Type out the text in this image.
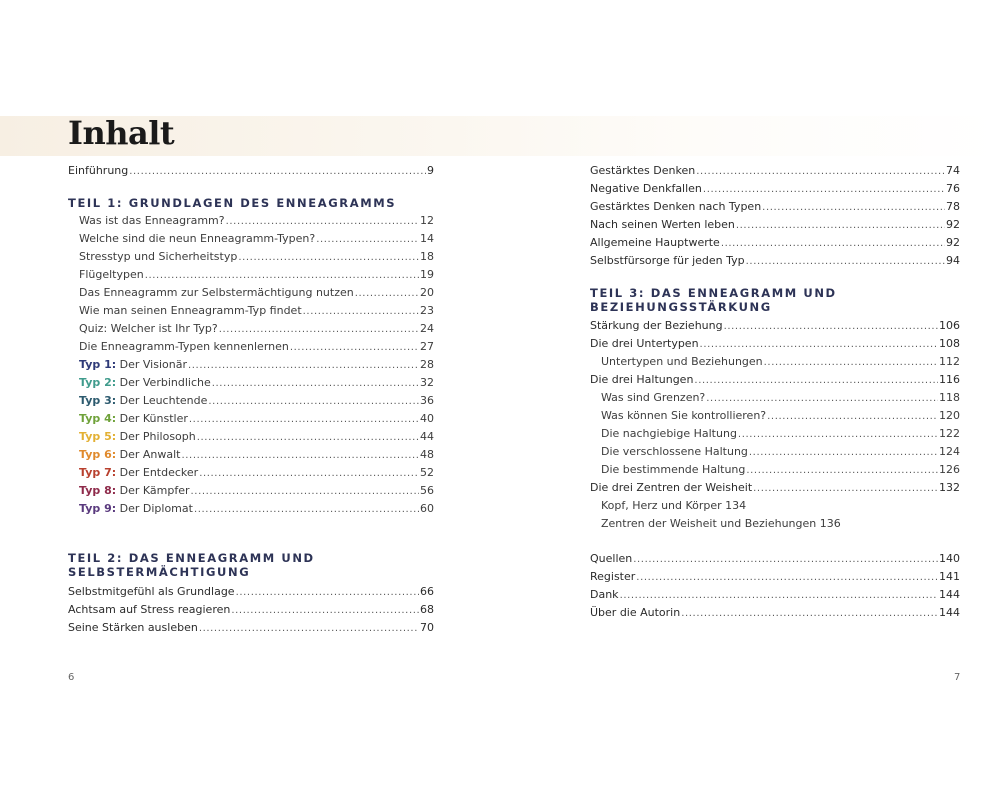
Inhalt
Einführung .....	9
TEIL 1: GRUNDLAGEN DES ENNEAGRAMMS
Was ist das Enneagramm? .....	12
Welche sind die neun Enneagramm-Typen? .....	14
Stresstyp und Sicherheitstyp .....	18
Flügeltypen .....	19
Das Enneagramm zur Selbstermächtigung nutzen .....	20
Wie man seinen Enneagramm-Typ findet .....	23
Quiz: Welcher ist Ihr Typ? .....	24
Die Enneagramm-Typen kennenlernen .....	27
Typ 1: Der Visionär .....	28
Typ 2: Der Verbindliche .....	32
Typ 3: Der Leuchtende .....	36
Typ 4: Der Künstler .....	40
Typ 5: Der Philosoph .....	44
Typ 6: Der Anwalt .....	48
Typ 7: Der Entdecker .....	52
Typ 8: Der Kämpfer .....	56
Typ 9: Der Diplomat .....	60
TEIL 2: DAS ENNEAGRAMM UND
SELBSTERMÄCHTIGUNG
Selbstmitgefühl als Grundlage .....	66
Achtsam auf Stress reagieren .....	68
Seine Stärken ausleben .....	70
Gestärktes Denken .....	74
Negative Denkfallen .....	76
Gestärktes Denken nach Typen .....	78
Nach seinen Werten leben .....	92
Allgemeine Hauptwerte .....	92
Selbstfürsorge für jeden Typ .....	94
TEIL 3: DAS ENNEAGRAMM UND
BEZIEHUNGSSTÄRKUNG
Stärkung der Beziehung .....	106
Die drei Untertypen .....	108
Untertypen und Beziehungen .....	112
Die drei Haltungen .....	116
Was sind Grenzen? .....	118
Was können Sie kontrollieren? .....	120
Die nachgiebige Haltung .....	122
Die verschlossene Haltung .....	124
Die bestimmende Haltung .....	126
Die drei Zentren der Weisheit .....	132
Kopf, Herz und Körper 134
Zentren der Weisheit und Beziehungen 136
Quellen .....	140
Register .....	141
Dank .....	144
Über die Autorin .....	144
6	7
